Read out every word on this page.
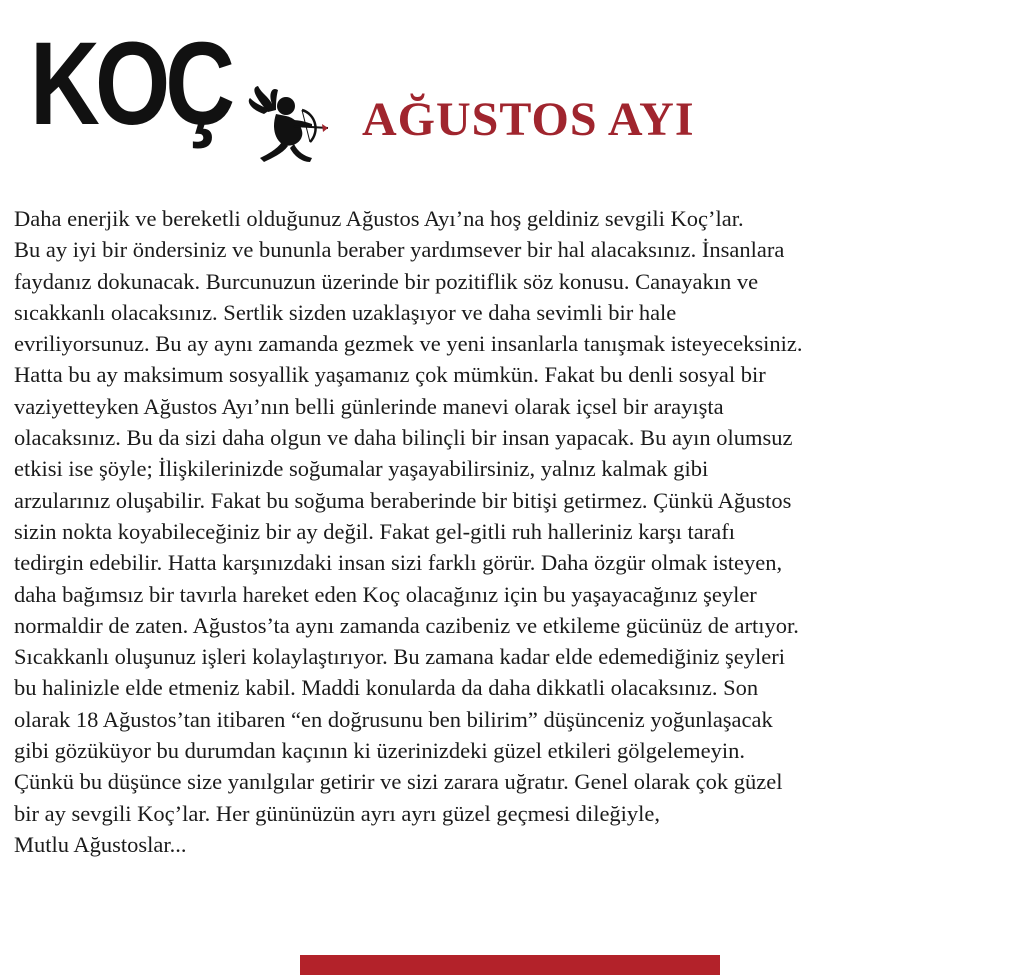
KOÇ	AĞUSTOS AYI
Daha enerjik ve bereketli olduğunuz Ağustos Ayı’na hoş geldiniz sevgili Koç’lar.
Bu ay iyi bir öndersiniz ve bununla beraber yardımsever bir hal alacaksınız. İnsanlara
faydanız dokunacak. Burcunuzun üzerinde bir pozitiflik söz konusu. Canayakın ve
sıcakkanlı olacaksınız. Sertlik sizden uzaklaşıyor ve daha sevimli bir hale
evriliyorsunuz. Bu ay aynı zamanda gezmek ve yeni insanlarla tanışmak isteyeceksiniz.
Hatta bu ay maksimum sosyallik yaşamanız çok mümkün. Fakat bu denli sosyal bir
vaziyetteyken Ağustos Ayı’nın belli günlerinde manevi olarak içsel bir arayışta
olacaksınız. Bu da sizi daha olgun ve daha bilinçli bir insan yapacak. Bu ayın olumsuz
etkisi ise şöyle; İlişkilerinizde soğumalar yaşayabilirsiniz, yalnız kalmak gibi
arzularınız oluşabilir. Fakat bu soğuma beraberinde bir bitişi getirmez. Çünkü Ağustos
sizin nokta koyabileceğiniz bir ay değil. Fakat gel-gitli ruh halleriniz karşı tarafı
tedirgin edebilir. Hatta karşınızdaki insan sizi farklı görür. Daha özgür olmak isteyen,
daha bağımsız bir tavırla hareket eden Koç olacağınız için bu yaşayacağınız şeyler
normaldir de zaten. Ağustos’ta aynı zamanda cazibeniz ve etkileme gücünüz de artıyor.
Sıcakkanlı oluşunuz işleri kolaylaştırıyor. Bu zamana kadar elde edemediğiniz şeyleri
bu halinizle elde etmeniz kabil. Maddi konularda da daha dikkatli olacaksınız. Son
olarak 18 Ağustos’tan itibaren “en doğrusunu ben bilirim” düşünceniz yoğunlaşacak
gibi gözüküyor bu durumdan kaçının ki üzerinizdeki güzel etkileri gölgelemeyin.
Çünkü bu düşünce size yanılgılar getirir ve sizi zarara uğratır. Genel olarak çok güzel
bir ay sevgili Koç’lar. Her gününüzün ayrı ayrı güzel geçmesi dileğiyle,
Mutlu Ağustoslar...
